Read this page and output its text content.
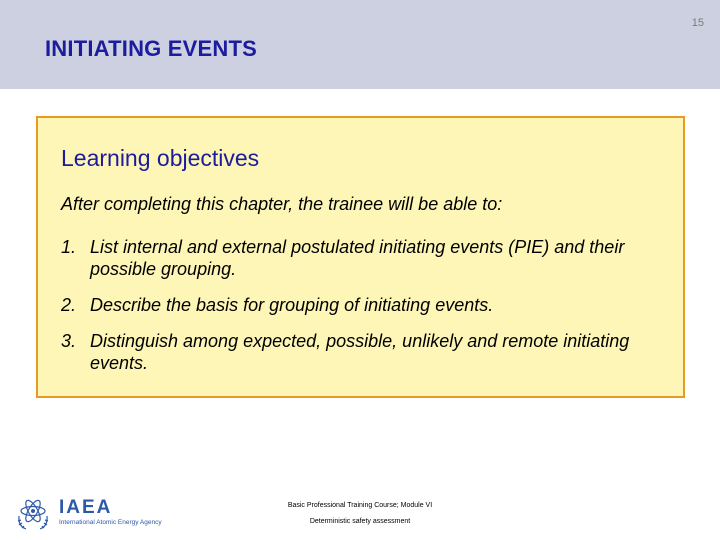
15
INITIATING EVENTS
Learning objectives
After completing this chapter, the trainee will be able to:
1. List internal and external postulated initiating events (PIE) and their possible grouping.
2. Describe the basis for grouping of initiating events.
3. Distinguish among expected, possible, unlikely and remote initiating events.
IAEA
International Atomic Energy Agency
Basic Professional Training Course; Module VI
Deterministic safety assessment
